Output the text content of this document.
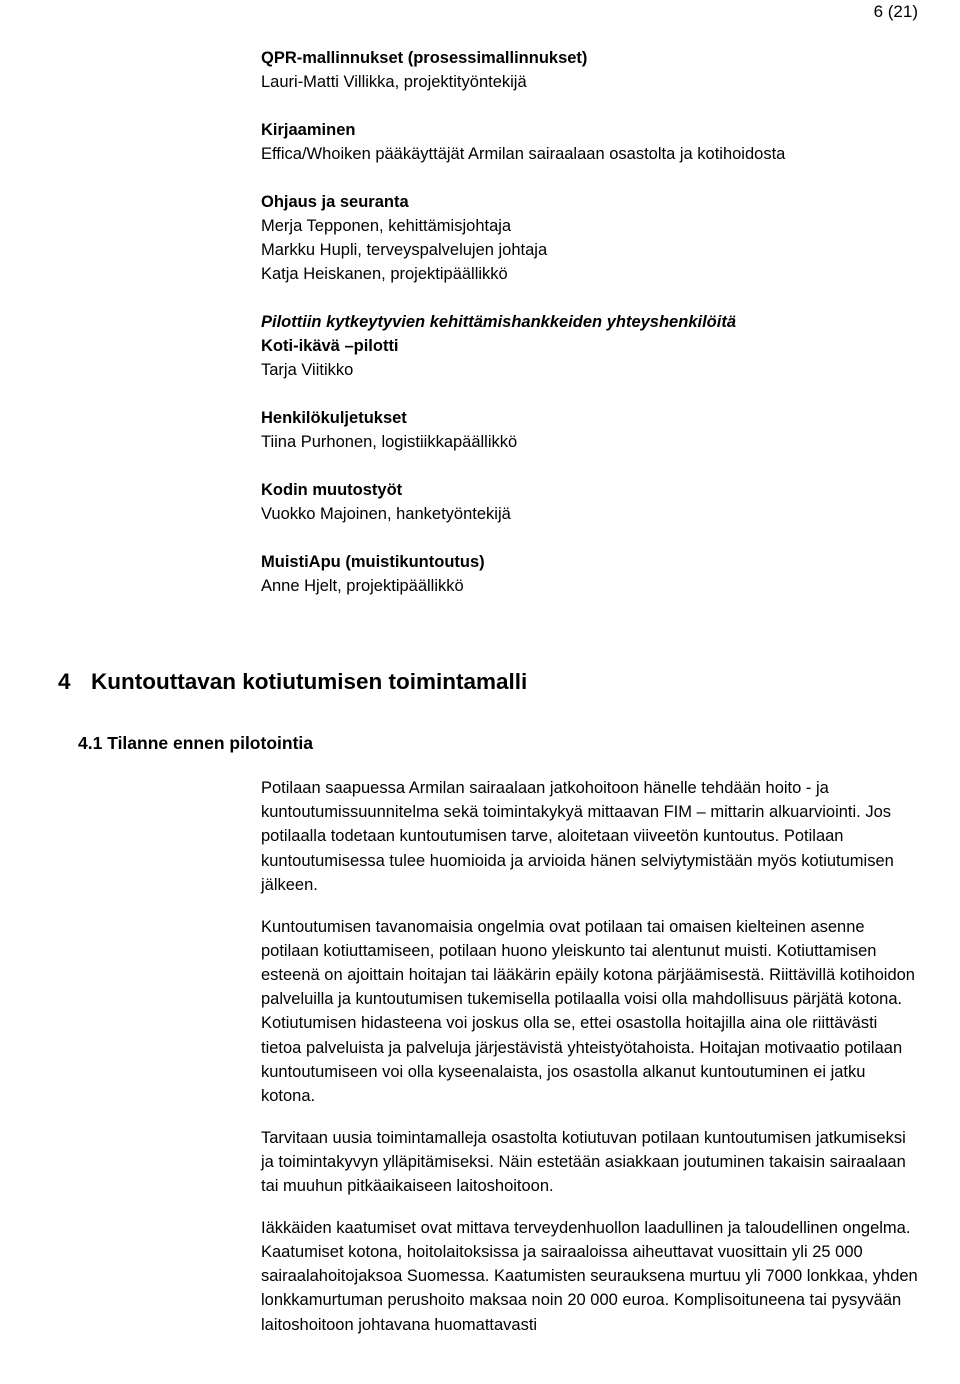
6 (21)
QPR-mallinnukset (prosessimallinnukset)
Lauri-Matti Villikka, projektityöntekijä
Kirjaaminen
Effica/Whoiken pääkäyttäjät Armilan sairaalaan osastolta ja kotihoidosta
Ohjaus ja seuranta
Merja Tepponen, kehittämisjohtaja
Markku Hupli, terveyspalvelujen johtaja
Katja Heiskanen, projektipäällikkö
Pilottiin kytkeytyvien kehittämishankkeiden yhteyshenkilöitä
Koti-ikävä –pilotti
Tarja Viitikko
Henkilökuljetukset
Tiina Purhonen, logistiikkapäällikkö
Kodin muutostyöt
Vuokko Majoinen, hanketyöntekijä
MuistiApu (muistikuntoutus)
Anne Hjelt, projektipäällikkö
4 Kuntouttavan kotiutumisen toimintamalli
4.1 Tilanne ennen pilotointia

Potilaan saapuessa Armilan sairaalaan jatkohoitoon hänelle tehdään hoito - ja kuntoutumissuunnitelma sekä toimintakykyä mittaavan FIM – mittarin alkuarviointi. Jos potilaalla todetaan kuntoutumisen tarve, aloitetaan viiveetön kuntoutus. Potilaan kuntoutumisessa tulee huomioida ja arvioida hänen selviytymistään myös kotiutumisen jälkeen.

Kuntoutumisen tavanomaisia ongelmia ovat potilaan tai omaisen kielteinen asenne potilaan kotiuttamiseen, potilaan huono yleiskunto tai alentunut muisti. Kotiuttamisen esteenä on ajoittain hoitajan tai lääkärin epäily kotona pärjäämisestä. Riittävillä kotihoidon palveluilla ja kuntoutumisen tukemisella potilaalla voisi olla mahdollisuus pärjätä kotona. Kotiutumisen hidasteena voi joskus olla se, ettei osastolla hoitajilla aina ole riittävästi tietoa palveluista ja palveluja järjestävistä yhteistyötahoista. Hoitajan motivaatio potilaan kuntoutumiseen voi olla kyseenalaista, jos osastolla alkanut kuntoutuminen ei jatku kotona.

Tarvitaan uusia toimintamalleja osastolta kotiutuvan potilaan kuntoutumisen jatkumiseksi ja toimintakyvyn ylläpitämiseksi. Näin estetään asiakkaan joutuminen takaisin sairaalaan tai muuhun pitkäaikaiseen laitoshoitoon.

Iäkkäiden kaatumiset ovat mittava terveydenhuollon laadullinen ja taloudellinen ongelma. Kaatumiset kotona, hoitolaitoksissa ja sairaaloissa aiheuttavat vuosittain yli 25 000 sairaalahoitojaksoa Suomessa. Kaatumisten seurauksena murtuu yli 7000 lonkkaa, yhden lonkkamurtuman perushoito maksaa noin 20 000 euroa. Komplisoituneena tai pysyvään laitoshoitoon johtavana huomattavasti
